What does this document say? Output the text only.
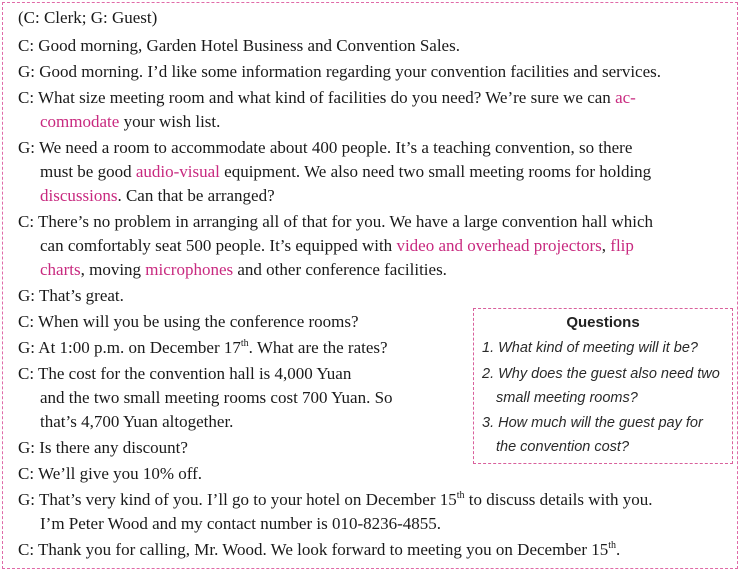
(C: Clerk; G: Guest)
C: Good morning, Garden Hotel Business and Convention Sales.
G: Good morning. I’d like some information regarding your convention facilities and services.
C: What size meeting room and what kind of facilities do you need? We’re sure we can ac-
commodate your wish list.
G: We need a room to accommodate about 400 people. It’s a teaching convention, so there
must be good audio-visual equipment. We also need two small meeting rooms for holding
discussions. Can that be arranged?
C: There’s no problem in arranging all of that for you. We have a large convention hall which
can comfortably seat 500 people. It’s equipped with video and overhead projectors, flip
charts, moving microphones and other conference facilities.
G: That’s great.
C: When will you be using the conference rooms?
G: At 1:00 p.m. on December 17th. What are the rates?
C: The cost for the convention hall is 4,000 Yuan
and the two small meeting rooms cost 700 Yuan. So
that’s 4,700 Yuan altogether.
G: Is there any discount?
C: We’ll give you 10% off.
G: That’s very kind of you. I’ll go to your hotel on December 15th to discuss details with you.
I’m Peter Wood and my contact number is 010-8236-4855.
C: Thank you for calling, Mr. Wood. We look forward to meeting you on December 15th.
Questions
1. What kind of meeting will it be?
2. Why does the guest also need two
small meeting rooms?
3. How much will the guest pay for
the convention cost?
